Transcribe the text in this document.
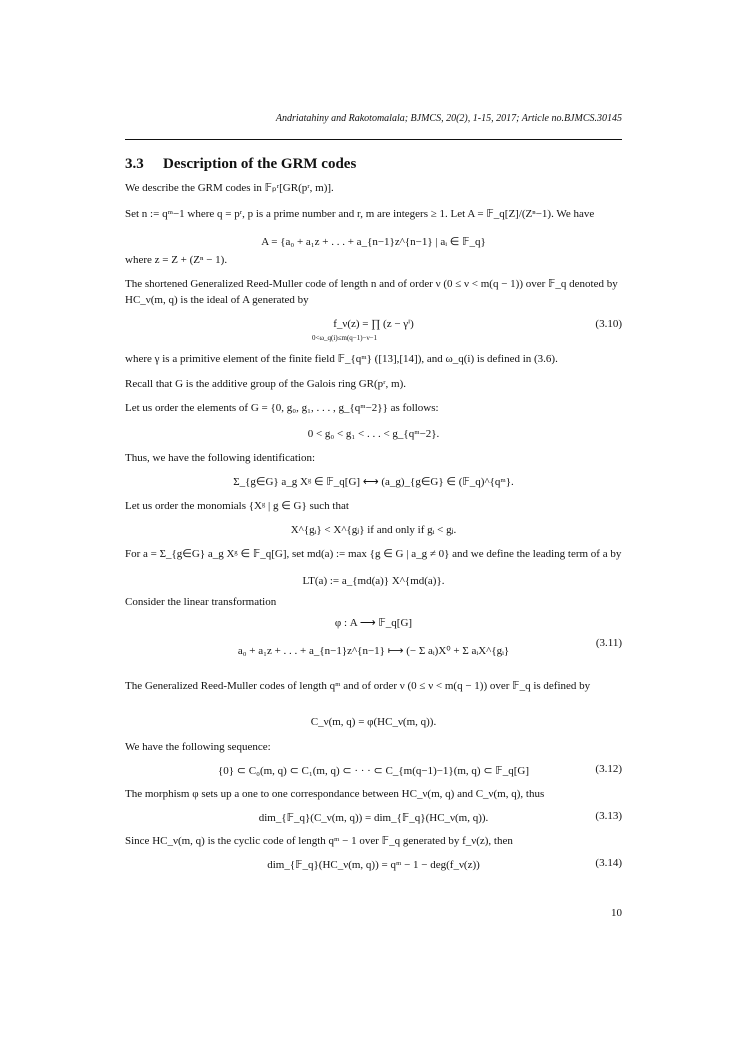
Andriatahiny and Rakotomalala; BJMCS, 20(2), 1-15, 2017; Article no.BJMCS.30145
3.3 Description of the GRM codes
We describe the GRM codes in 𝔽ₚʳ[GR(pʳ, m)].
Set n := qᵐ−1 where q = pʳ, p is a prime number and r, m are integers ≥ 1. Let A = 𝔽_q[Z]/(Zⁿ−1). We have
A = {a₀ + a₁z + . . . + a_{n−1}z^{n−1} | aᵢ ∈ 𝔽_q}
where z = Z + (Zⁿ − 1).
The shortened Generalized Reed-Muller code of length n and of order ν (0 ≤ ν < m(q − 1)) over 𝔽_q denoted by HC_ν(m, q) is the ideal of A generated by
f_ν(z) = ∏ (z − γⁱ)
0<ω_q(i)≤m(q−1)−ν−1
(3.10)
where γ is a primitive element of the finite field 𝔽_{qᵐ} ([13],[14]), and ω_q(i) is defined in (3.6).
Recall that G is the additive group of the Galois ring GR(pʳ, m).
Let us order the elements of G = {0, g₀, g₁, . . . , g_{qᵐ−2}} as follows:
0 < g₀ < g₁ < . . . < g_{qᵐ−2}.
Thus, we have the following identification:
Σ_{g∈G} a_g Xᵍ ∈ 𝔽_q[G] ⟷ (a_g)_{g∈G} ∈ (𝔽_q)^{qᵐ}.
Let us order the monomials {Xᵍ | g ∈ G} such that
X^{gᵢ} < X^{gⱼ} if and only if gᵢ < gⱼ.
For a = Σ_{g∈G} a_g Xᵍ ∈ 𝔽_q[G], set md(a) := max {g ∈ G | a_g ≠ 0} and we define the leading term of a by
LT(a) := a_{md(a)} X^{md(a)}.
Consider the linear transformation
φ : A ⟶ 𝔽_q[G]
a₀ + a₁z + . . . + a_{n−1}z^{n−1} ⟼ (− Σ aᵢ)X⁰ + Σ aᵢX^{gᵢ}
(3.11)
The Generalized Reed-Muller codes of length qᵐ and of order ν (0 ≤ ν < m(q − 1)) over 𝔽_q is defined by
C_ν(m, q) = φ(HC_ν(m, q)).
We have the following sequence:
{0} ⊂ C₀(m, q) ⊂ C₁(m, q) ⊂ · · · ⊂ C_{m(q−1)−1}(m, q) ⊂ 𝔽_q[G]	(3.12)
The morphism φ sets up a one to one correspondance between HC_ν(m, q) and C_ν(m, q), thus
dim_{𝔽_q}(C_ν(m, q)) = dim_{𝔽_q}(HC_ν(m, q)).	(3.13)
Since HC_ν(m, q) is the cyclic code of length qᵐ − 1 over 𝔽_q generated by f_ν(z), then
dim_{𝔽_q}(HC_ν(m, q)) = qᵐ − 1 − deg(f_ν(z))	(3.14)
10
